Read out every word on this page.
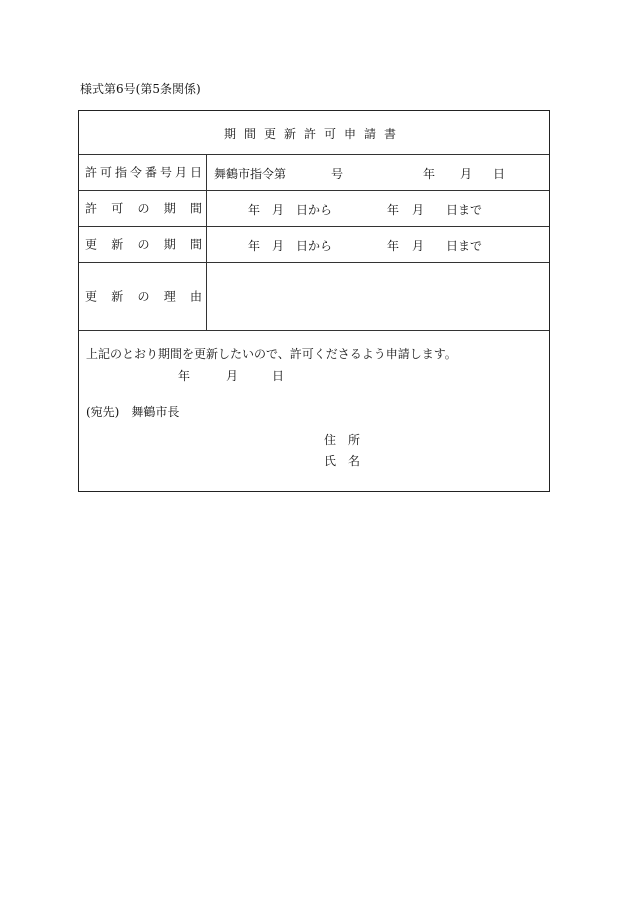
様式第6号(第5条関係)
期間更新許可申請書
許可指令番号月日 舞鶴市指令第	号	年 月 日
許可の期間	年 月 日から	年 月 日まで
更新の期間	年 月 日から	年 月 日まで
更新の理由
上記のとおり期間を更新したいので、許可くださるよう申請します。
年	月	日
(宛先)　舞鶴市長
住　所
氏　名
